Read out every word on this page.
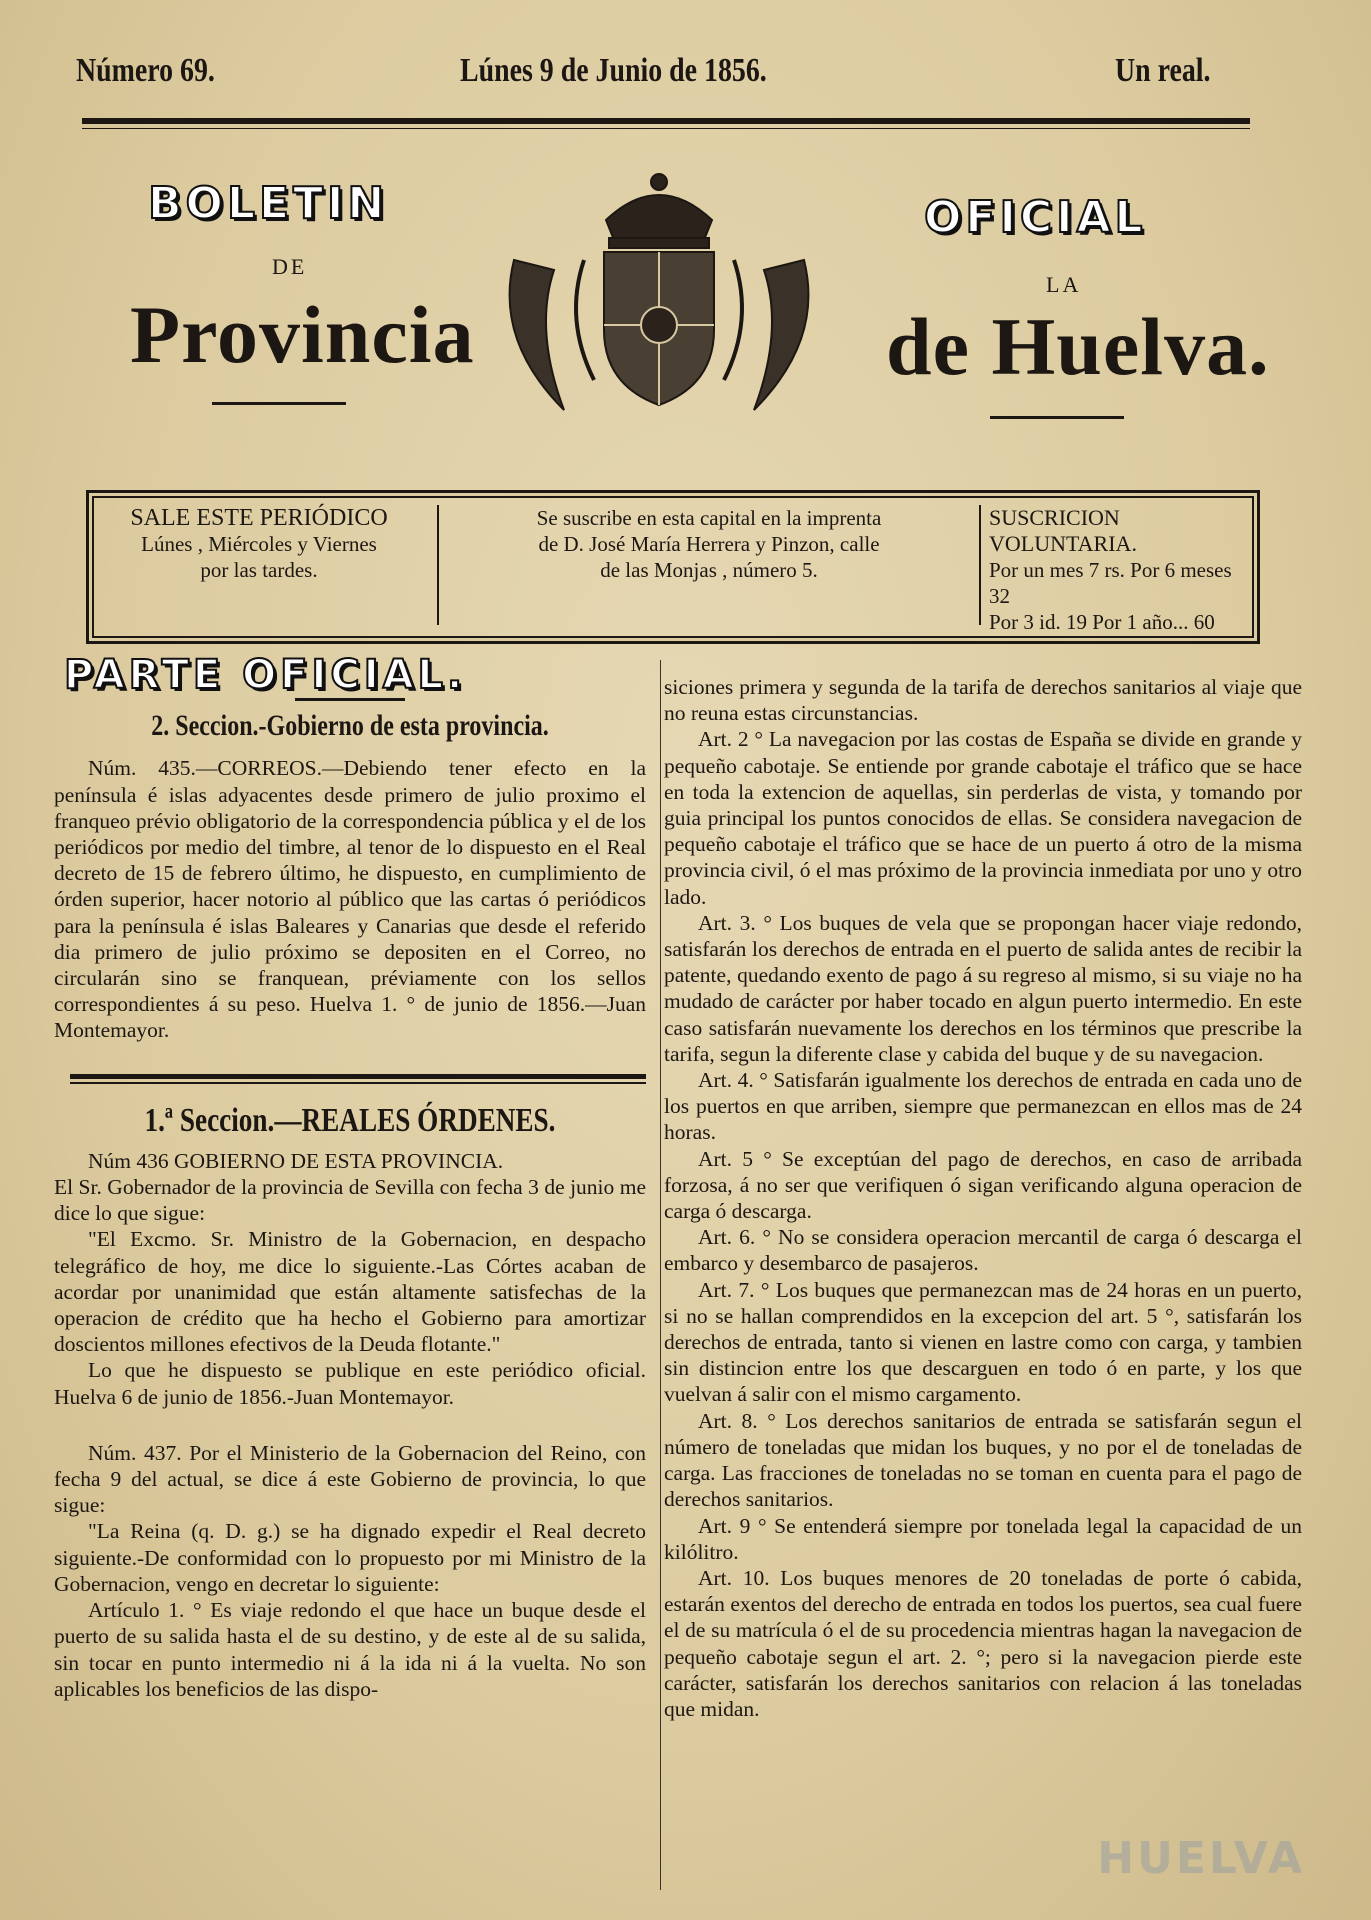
Número 69.	Lúnes 9 de Junio de 1856.	Un real.
BOLETIN	OFICIAL
DE
LA
Provincia	de Huelva.
SALE ESTE PERIÓDICO
Lúnes , Miércoles y Viernes
por las tardes.
Se suscribe en esta capital en la imprenta
de D. José María Herrera y Pinzon, calle
de las Monjas , número 5.
SUSCRICION VOLUNTARIA.
Por un mes 7 rs. Por 6 meses 32
Por 3 id. 19 Por 1 año... 60
PARTE OFICIAL.
2. Seccion.-Gobierno de esta provincia.

Núm. 435.—CORREOS.—Debiendo tener efecto en la península é islas adyacentes desde primero de julio proximo el franqueo prévio obligatorio de la correspondencia pública y el de los periódicos por medio del timbre, al tenor de lo dispuesto en el Real decreto de 15 de febrero último, he dispuesto, en cumplimiento de órden superior, hacer notorio al público que las cartas ó periódicos para la península é islas Baleares y Canarias que desde el referido dia primero de julio próximo se depositen en el Correo, no circularán sino se franquean, préviamente con los sellos correspondientes á su peso. Huelva 1. ° de junio de 1856.—Juan Montemayor.

1.ª Seccion.—REALES ÓRDENES.

Núm 436 GOBIERNO DE ESTA PROVINCIA.

El Sr. Gobernador de la provincia de Sevilla con fecha 3 de junio me dice lo que sigue:

"El Excmo. Sr. Ministro de la Gobernacion, en despacho telegráfico de hoy, me dice lo siguiente.-Las Córtes acaban de acordar por unanimidad que están altamente satisfechas de la operacion de crédito que ha hecho el Gobierno para amortizar doscientos millones efectivos de la Deuda flotante."

Lo que he dispuesto se publique en este periódico oficial. Huelva 6 de junio de 1856.-Juan Montemayor.

Núm. 437. Por el Ministerio de la Gobernacion del Reino, con fecha 9 del actual, se dice á este Gobierno de provincia, lo que sigue:

"La Reina (q. D. g.) se ha dignado expedir el Real decreto siguiente.-De conformidad con lo propuesto por mi Ministro de la Gobernacion, vengo en decretar lo siguiente:

Artículo 1. ° Es viaje redondo el que hace un buque desde el puerto de su salida hasta el de su destino, y de este al de su salida, sin tocar en punto intermedio ni á la ida ni á la vuelta. No son aplicables los beneficios de las dispo-

siciones primera y segunda de la tarifa de derechos sanitarios al viaje que no reuna estas circunstancias.

Art. 2 ° La navegacion por las costas de España se divide en grande y pequeño cabotaje. Se entiende por grande cabotaje el tráfico que se hace en toda la extencion de aquellas, sin perderlas de vista, y tomando por guia principal los puntos conocidos de ellas. Se considera navegacion de pequeño cabotaje el tráfico que se hace de un puerto á otro de la misma provincia civil, ó el mas próximo de la provincia inmediata por uno y otro lado.

Art. 3. ° Los buques de vela que se propongan hacer viaje redondo, satisfarán los derechos de entrada en el puerto de salida antes de recibir la patente, quedando exento de pago á su regreso al mismo, si su viaje no ha mudado de carácter por haber tocado en algun puerto intermedio. En este caso satisfarán nuevamente los derechos en los términos que prescribe la tarifa, segun la diferente clase y cabida del buque y de su navegacion.

Art. 4. ° Satisfarán igualmente los derechos de entrada en cada uno de los puertos en que arriben, siempre que permanezcan en ellos mas de 24 horas.

Art. 5 ° Se exceptúan del pago de derechos, en caso de arribada forzosa, á no ser que verifiquen ó sigan verificando alguna operacion de carga ó descarga.

Art. 6. ° No se considera operacion mercantil de carga ó descarga el embarco y desembarco de pasajeros.

Art. 7. ° Los buques que permanezcan mas de 24 horas en un puerto, si no se hallan comprendidos en la excepcion del art. 5 °, satisfarán los derechos de entrada, tanto si vienen en lastre como con carga, y tambien sin distincion entre los que descarguen en todo ó en parte, y los que vuelvan á salir con el mismo cargamento.

Art. 8. ° Los derechos sanitarios de entrada se satisfarán segun el número de toneladas que midan los buques, y no por el de toneladas de carga. Las fracciones de toneladas no se toman en cuenta para el pago de derechos sanitarios.

Art. 9 ° Se entenderá siempre por tonelada legal la capacidad de un kilólitro.

Art. 10. Los buques menores de 20 toneladas de porte ó cabida, estarán exentos del derecho de entrada en todos los puertos, sea cual fuere el de su matrícula ó el de su procedencia mientras hagan la navegacion de pequeño cabotaje segun el art. 2. °; pero si la navegacion pierde este carácter, satisfarán los derechos sanitarios con relacion á las toneladas que midan.

HUELVA
